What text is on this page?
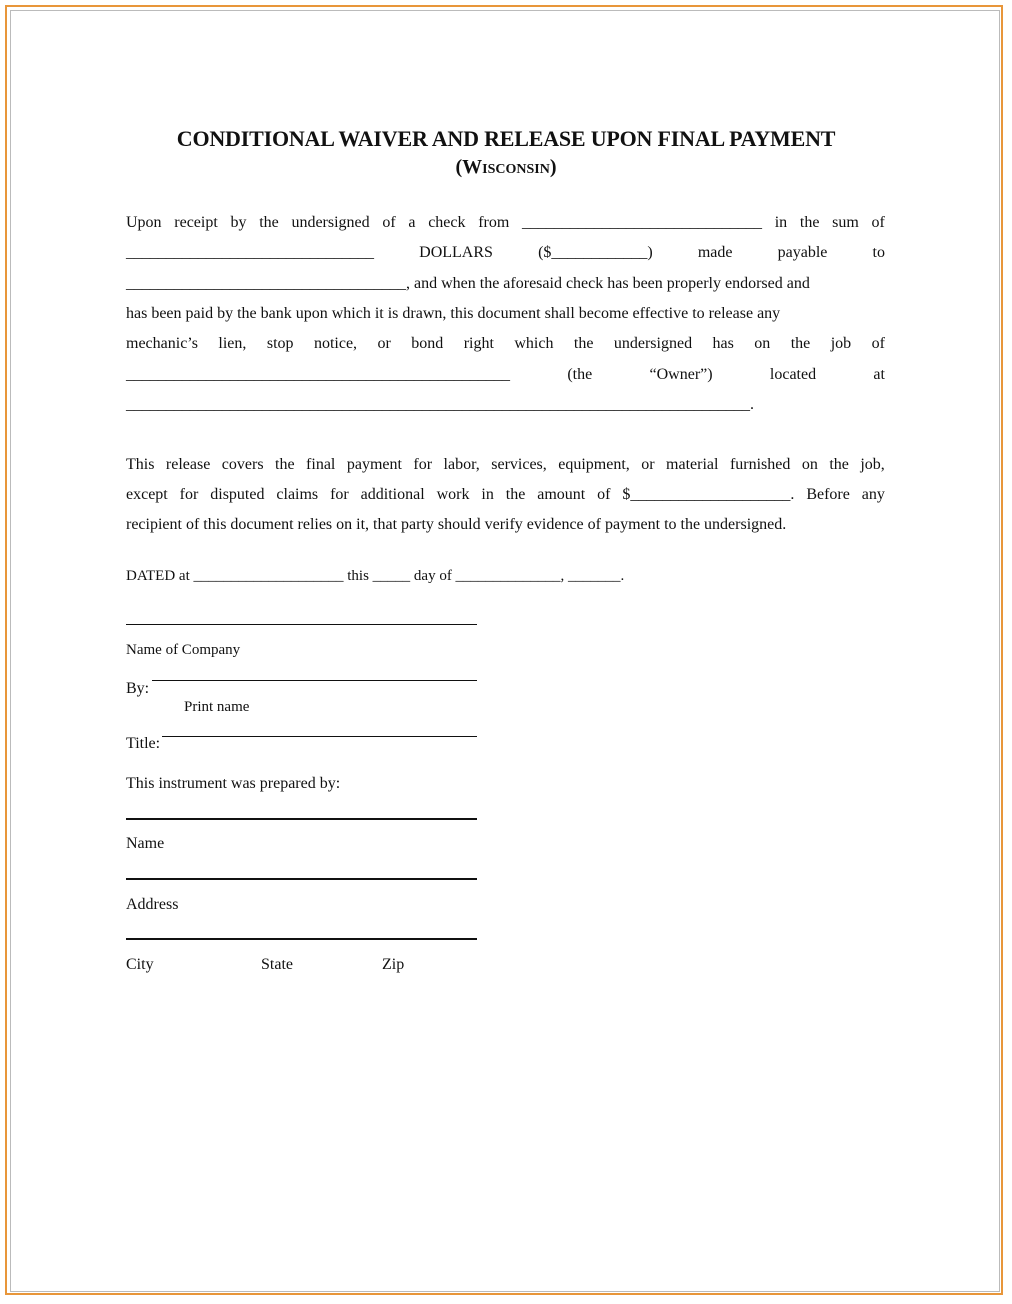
CONDITIONAL WAIVER AND RELEASE UPON FINAL PAYMENT
(Wisconsin)
Upon receipt by the undersigned of a check from ______________________________ in the sum of
_______________________________	DOLLARS	($____________)	made	payable	to
___________________________________, and when the aforesaid check has been properly endorsed and
has been paid by the bank upon which it is drawn, this document shall become effective to release any
mechanic’s lien, stop notice, or bond right which the undersigned has on the job of
________________________________________________	(the	“Owner”)	located	at
______________________________________________________________________________.
This release covers the final payment for labor, services, equipment, or material furnished on the job,
except for disputed claims for additional work in the amount of $____________________. Before any
recipient of this document relies on it, that party should verify evidence of payment to the undersigned.
DATED at ____________________ this _____ day of ______________, _______.
Name of Company
By:
Print name
Title:
This instrument was prepared by:
Name
Address
City	State	Zip
